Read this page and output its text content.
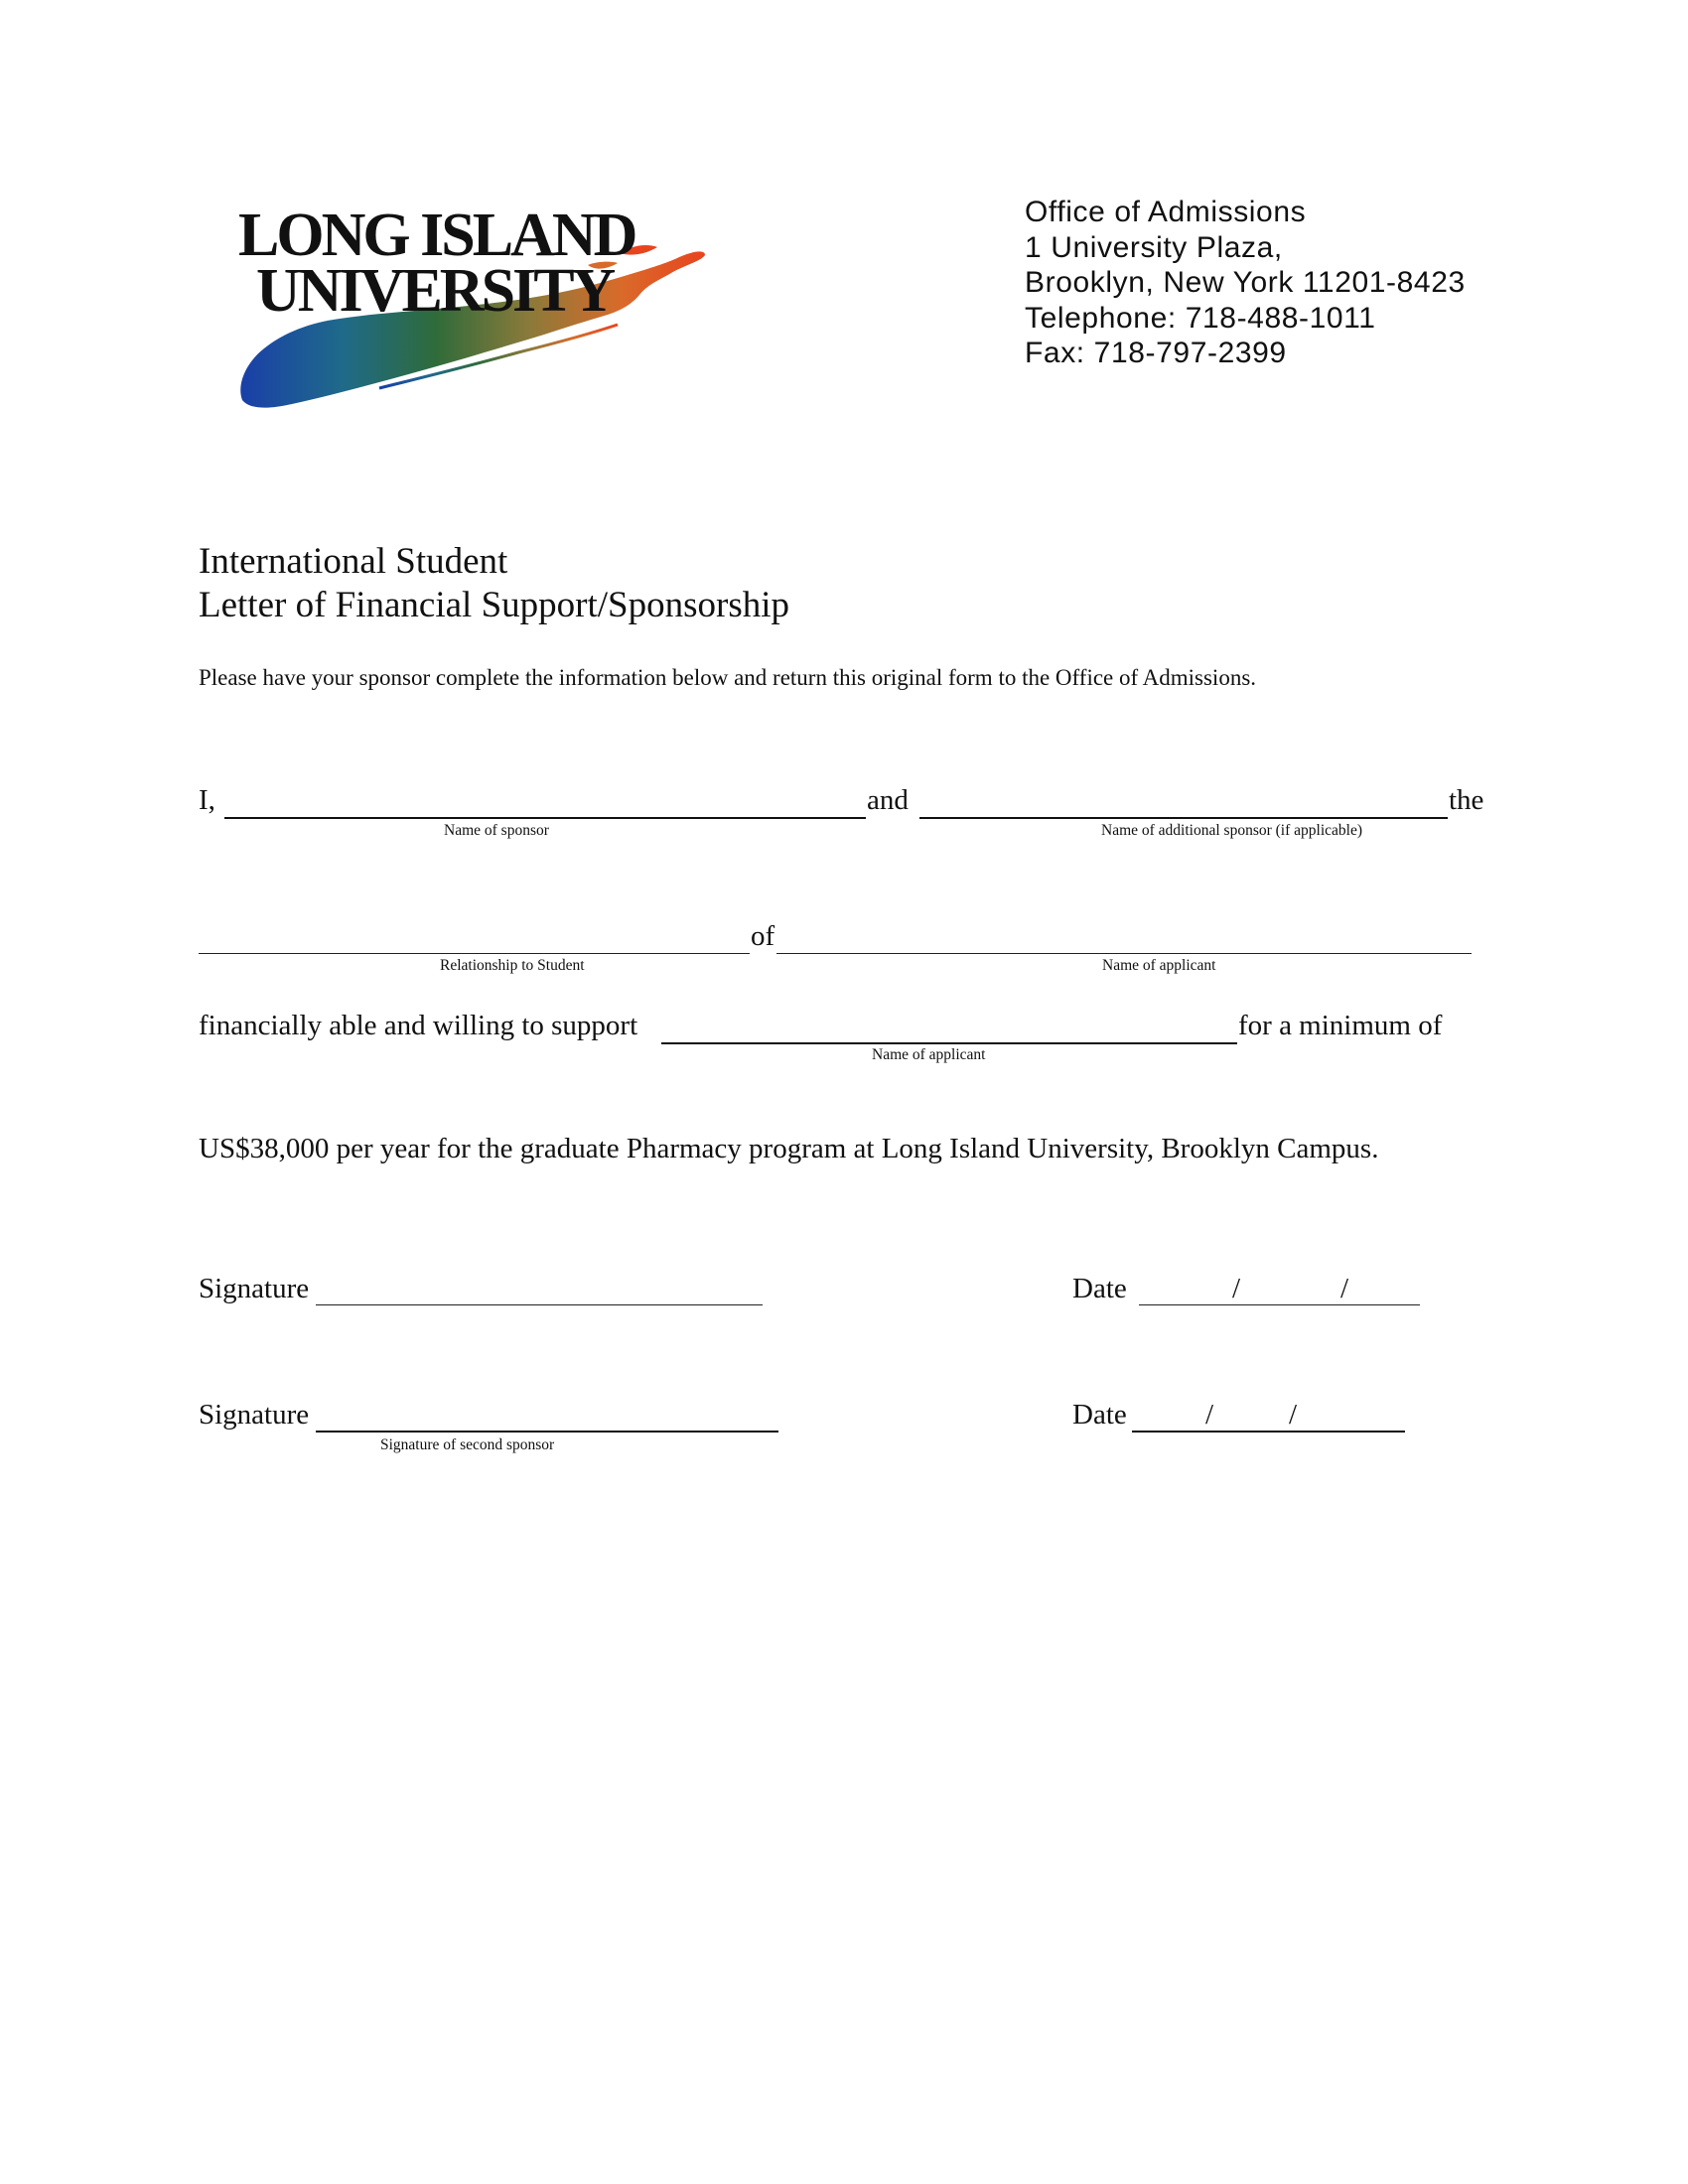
LONG ISLAND
UNIVERSITY
Office of Admissions
1 University Plaza,
Brooklyn, New York 11201-8423
Telephone: 718-488-1011
Fax: 718-797-2399
International Student
Letter of Financial Support/Sponsorship
Please have your sponsor complete the information below and return this original form to the Office of Admissions.
I,	and	the
Name of sponsor	Name of additional sponsor (if applicable)
of
Relationship to Student	Name of applicant
financially able and willing to support	for a minimum of
Name of applicant
US$38,000 per year for the graduate Pharmacy program at Long Island University, Brooklyn Campus.
Signature	Date	/	/
Signature	Date	/	/
Signature of second sponsor
